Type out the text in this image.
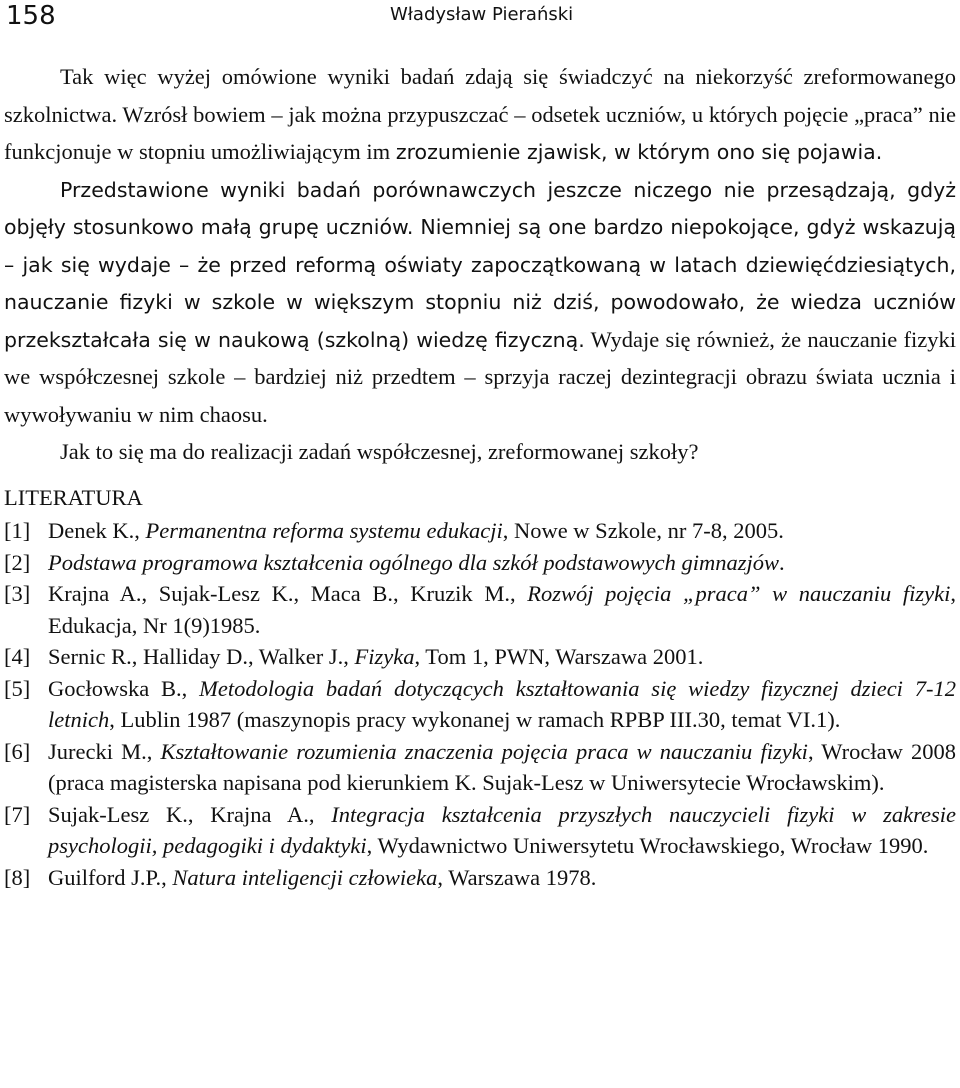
158	Władysław Pierański

Tak więc wyżej omówione wyniki badań zdają się świadczyć na niekorzyść zreformowanego szkolnictwa. Wzrósł bowiem – jak można przypuszczać – odsetek uczniów, u których pojęcie „praca” nie funkcjonuje w stopniu umożliwiającym im zrozumienie zjawisk, w którym ono się pojawia.

Przedstawione wyniki badań porównawczych jeszcze niczego nie przesądzają, gdyż objęły stosunkowo małą grupę uczniów. Niemniej są one bardzo niepokojące, gdyż wskazują – jak się wydaje – że przed reformą oświaty zapoczątkowaną w latach dziewięćdziesiątych, nauczanie fizyki w szkole w większym stopniu niż dziś, powodowało, że wiedza uczniów przekształcała się w naukową (szkolną) wiedzę fizyczną. Wydaje się również, że nauczanie fizyki we współczesnej szkole – bardziej niż przedtem – sprzyja raczej dezintegracji obrazu świata ucznia i wywoływaniu w nim chaosu.

Jak to się ma do realizacji zadań współczesnej, zreformowanej szkoły?

LITERATURA
[1] Denek K., Permanentna reforma systemu edukacji, Nowe w Szkole, nr 7-8, 2005.
[2] Podstawa programowa kształcenia ogólnego dla szkół podstawowych gimnazjów.
[3] Krajna A., Sujak-Lesz K., Maca B., Kruzik M., Rozwój pojęcia „praca” w nauczaniu fizyki, Edukacja, Nr 1(9)1985.
[4] Sernic R., Halliday D., Walker J., Fizyka, Tom 1, PWN, Warszawa 2001.
[5] Gocłowska B., Metodologia badań dotyczących kształtowania się wiedzy fizycznej dzieci 7-12 letnich, Lublin 1987 (maszynopis pracy wykonanej w ramach RPBP III.30, temat VI.1).
[6] Jurecki M., Kształtowanie rozumienia znaczenia pojęcia praca w nauczaniu fizyki, Wrocław 2008 (praca magisterska napisana pod kierunkiem K. Sujak-Lesz w Uniwersytecie Wrocławskim).
[7] Sujak-Lesz K., Krajna A., Integracja kształcenia przyszłych nauczycieli fizyki w zakresie psychologii, pedagogiki i dydaktyki, Wydawnictwo Uniwersytetu Wrocławskiego, Wrocław 1990.
[8] Guilford J.P., Natura inteligencji człowieka, Warszawa 1978.
